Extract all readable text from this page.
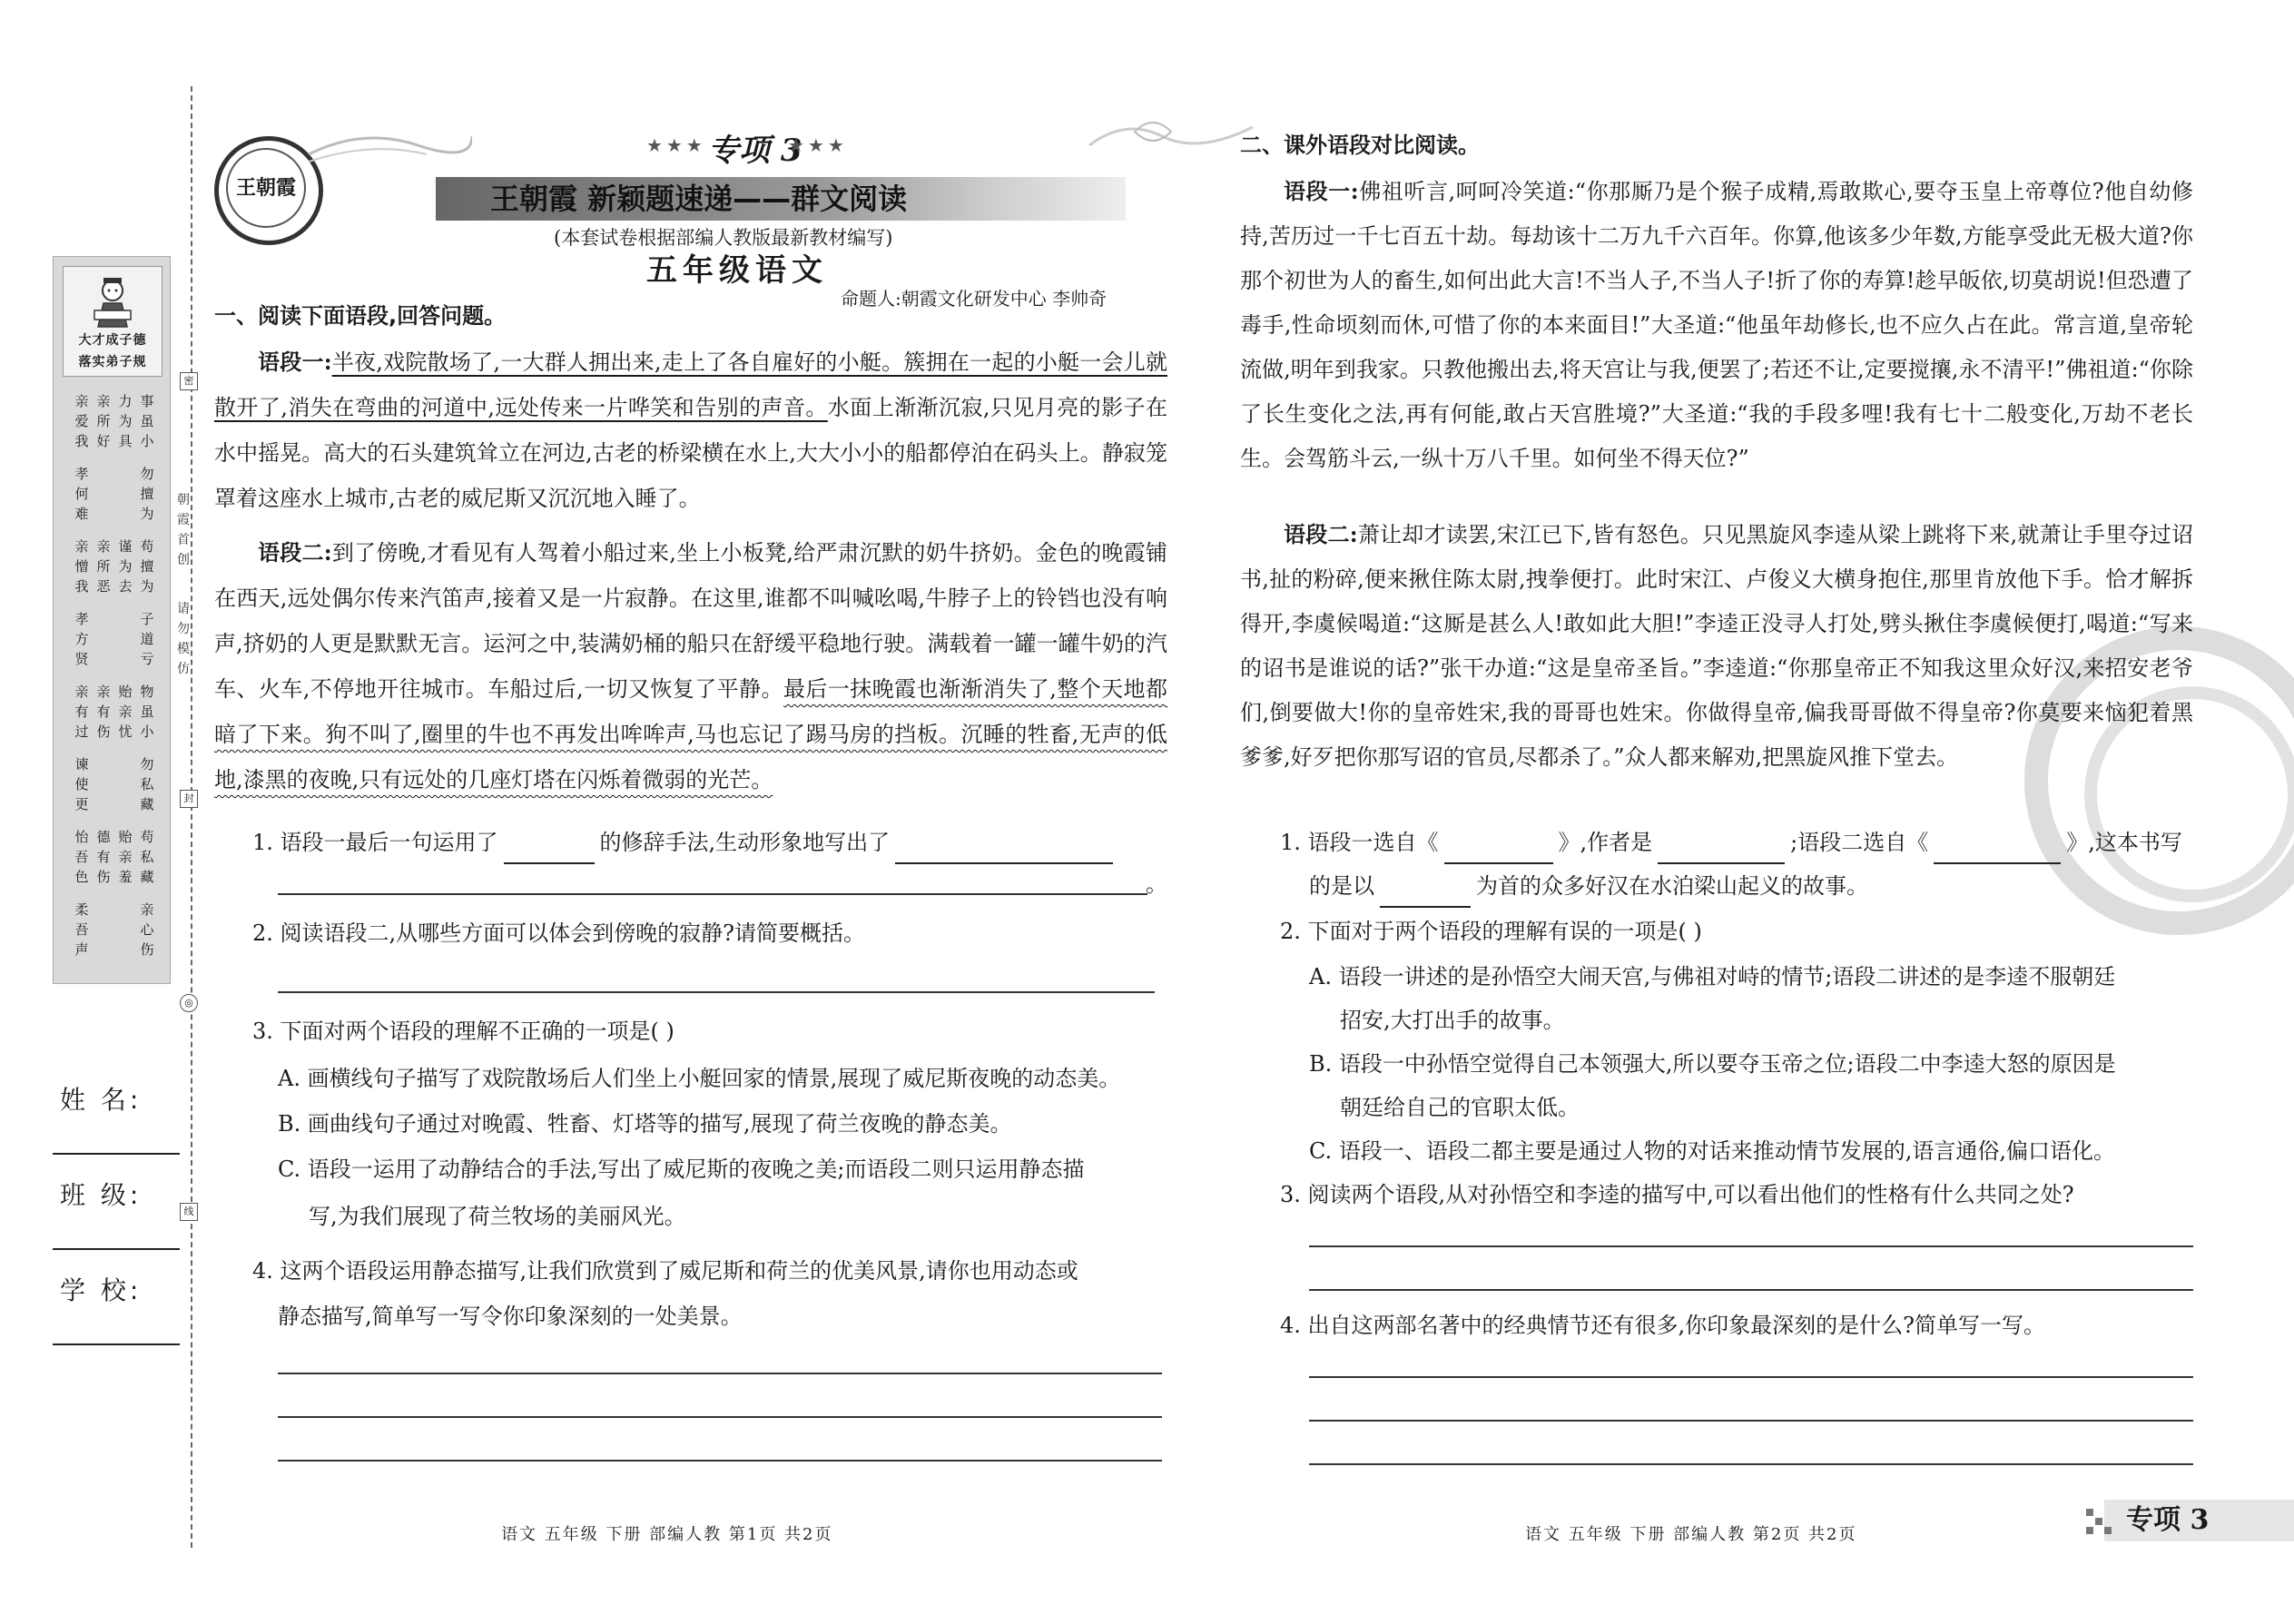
大才成子德
落实弟子规
亲爱我
亲所好
力为具
事虽小
孝何难
勿擅为
亲憎我
亲所恶
谨为去
苟擅为
孝方贤
子道亏
亲有过
亲有伤
贻亲忧
物虽小
谏使更
勿私藏
怡吾色
德有伤
贻亲羞
苟私藏
柔吾声
亲心伤
朝霞首创
请勿模仿
密
封
◎
线
姓 名:
班 级:
学 校:
王朝霞
★★★ 专项 3
★★★
王朝霞 新颖题速递——群文阅读
(本套试卷根据部编人教版最新教材编写)
五年级语文
命题人:朝霞文化研发中心 李帅奇
一、阅读下面语段,回答问题。
语段一:半夜,戏院散场了,一大群人拥出来,走上了各自雇好的小艇。簇拥在一起的小艇一会儿就散开了,消失在弯曲的河道中,远处传来一片哗笑和告别的声音。水面上渐渐沉寂,只见月亮的影子在水中摇晃。高大的石头建筑耸立在河边,古老的桥梁横在水上,大大小小的船都停泊在码头上。静寂笼罩着这座水上城市,古老的威尼斯又沉沉地入睡了。
语段二:到了傍晚,才看见有人驾着小船过来,坐上小板凳,给严肃沉默的奶牛挤奶。金色的晚霞铺在西天,远处偶尔传来汽笛声,接着又是一片寂静。在这里,谁都不叫喊吆喝,牛脖子上的铃铛也没有响声,挤奶的人更是默默无言。运河之中,装满奶桶的船只在舒缓平稳地行驶。满载着一罐一罐牛奶的汽车、火车,不停地开往城市。车船过后,一切又恢复了平静。最后一抹晚霞也渐渐消失了,整个天地都暗了下来。狗不叫了,圈里的牛也不再发出哞哞声,马也忘记了踢马房的挡板。沉睡的牲畜,无声的低地,漆黑的夜晚,只有远处的几座灯塔在闪烁着微弱的光芒。
1. 语段一最后一句运用了	的修辞手法,生动形象地写出了
。
2. 阅读语段二,从哪些方面可以体会到傍晚的寂静?请简要概括。
3. 下面对两个语段的理解不正确的一项是( )
A. 画横线句子描写了戏院散场后人们坐上小艇回家的情景,展现了威尼斯夜晚的动态美。
B. 画曲线句子通过对晚霞、牲畜、灯塔等的描写,展现了荷兰夜晚的静态美。
C. 语段一运用了动静结合的手法,写出了威尼斯的夜晚之美;而语段二则只运用静态描
写,为我们展现了荷兰牧场的美丽风光。
4. 这两个语段运用静态描写,让我们欣赏到了威尼斯和荷兰的优美风景,请你也用动态或
静态描写,简单写一写令你印象深刻的一处美景。
语文 五年级 下册 部编人教 第1页 共2页
二、课外语段对比阅读。
语段一:佛祖听言,呵呵冷笑道:“你那厮乃是个猴子成精,焉敢欺心,要夺玉皇上帝尊位?他自幼修持,苦历过一千七百五十劫。每劫该十二万九千六百年。你算,他该多少年数,方能享受此无极大道?你那个初世为人的畜生,如何出此大言!不当人子,不当人子!折了你的寿算!趁早皈依,切莫胡说!但恐遭了毒手,性命顷刻而休,可惜了你的本来面目!”大圣道:“他虽年劫修长,也不应久占在此。常言道,皇帝轮流做,明年到我家。只教他搬出去,将天宫让与我,便罢了;若还不让,定要搅攘,永不清平!”佛祖道:“你除了长生变化之法,再有何能,敢占天宫胜境?”大圣道:“我的手段多哩!我有七十二般变化,万劫不老长生。会驾筋斗云,一纵十万八千里。如何坐不得天位?”
语段二:萧让却才读罢,宋江已下,皆有怒色。只见黑旋风李逵从梁上跳将下来,就萧让手里夺过诏书,扯的粉碎,便来揪住陈太尉,拽拳便打。此时宋江、卢俊义大横身抱住,那里肯放他下手。恰才解拆得开,李虞候喝道:“这厮是甚么人!敢如此大胆!”李逵正没寻人打处,劈头揪住李虞候便打,喝道:“写来的诏书是谁说的话?”张干办道:“这是皇帝圣旨。”李逵道:“你那皇帝正不知我这里众好汉,来招安老爷们,倒要做大!你的皇帝姓宋,我的哥哥也姓宋。你做得皇帝,偏我哥哥做不得皇帝?你莫要来恼犯着黑爹爹,好歹把你那写诏的官员,尽都杀了。”众人都来解劝,把黑旋风推下堂去。
1. 语段一选自《	》,作者是	;语段二选自《	》,这本书写
的是以	为首的众多好汉在水泊梁山起义的故事。
2. 下面对于两个语段的理解有误的一项是( )
A. 语段一讲述的是孙悟空大闹天宫,与佛祖对峙的情节;语段二讲述的是李逵不服朝廷
招安,大打出手的故事。
B. 语段一中孙悟空觉得自己本领强大,所以要夺玉帝之位;语段二中李逵大怒的原因是
朝廷给自己的官职太低。
C. 语段一、语段二都主要是通过人物的对话来推动情节发展的,语言通俗,偏口语化。
3. 阅读两个语段,从对孙悟空和李逵的描写中,可以看出他们的性格有什么共同之处?
4. 出自这两部名著中的经典情节还有很多,你印象最深刻的是什么?简单写一写。
语文 五年级 下册 部编人教 第2页 共2页	专项 3
